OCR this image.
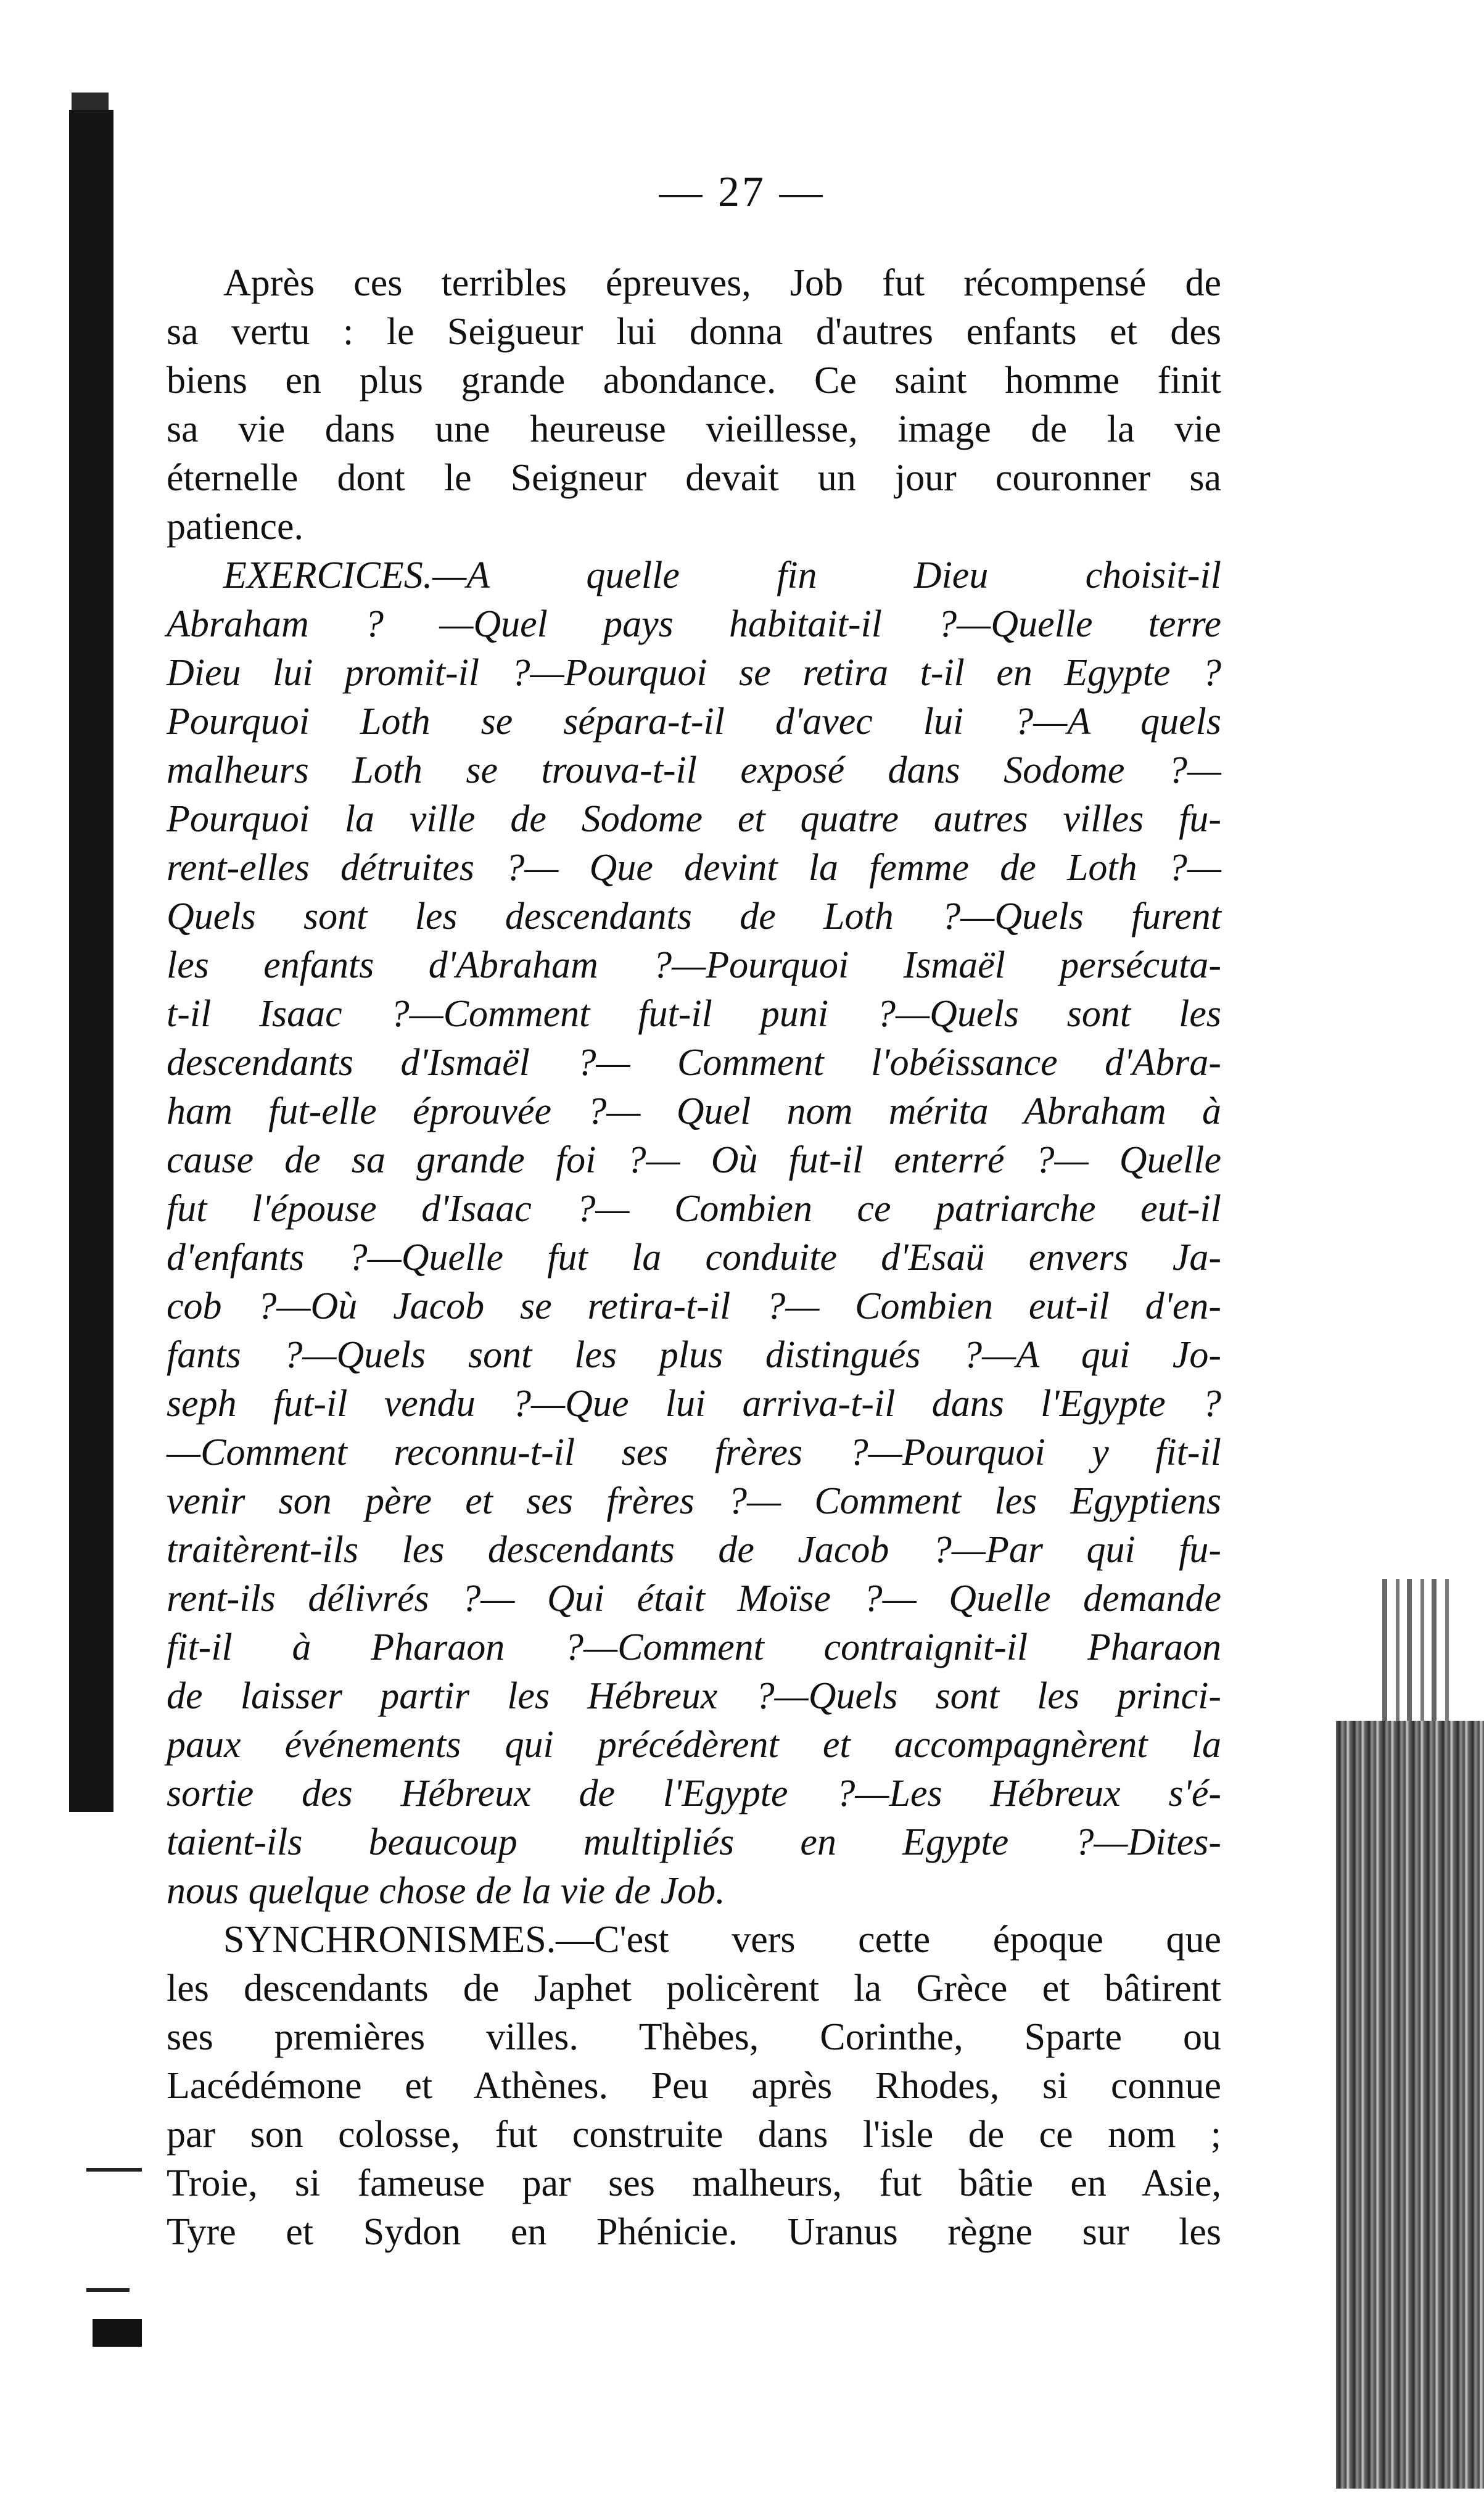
— 27 —
Après ces terribles épreuves, Job fut récompensé de
sa vertu : le Seigueur lui donna d'autres enfants et des
biens en plus grande abondance. Ce saint homme finit
sa vie dans une heureuse vieillesse, image de la vie
éternelle dont le Seigneur devait un jour couronner sa
patience.
EXERCICES.—A quelle fin Dieu choisit-il
Abraham ? —Quel pays habitait-il ?—Quelle terre
Dieu lui promit-il ?—Pourquoi se retira t-il en Egypte ?
Pourquoi Loth se sépara-t-il d'avec lui ?—A quels
malheurs Loth se trouva-t-il exposé dans Sodome ?—
Pourquoi la ville de Sodome et quatre autres villes fu-
rent-elles détruites ?— Que devint la femme de Loth ?—
Quels sont les descendants de Loth ?—Quels furent
les enfants d'Abraham ?—Pourquoi Ismaël persécuta-
t-il Isaac ?—Comment fut-il puni ?—Quels sont les
descendants d'Ismaël ?— Comment l'obéissance d'Abra-
ham fut-elle éprouvée ?— Quel nom mérita Abraham à
cause de sa grande foi ?— Où fut-il enterré ?— Quelle
fut l'épouse d'Isaac ?— Combien ce patriarche eut-il
d'enfants ?—Quelle fut la conduite d'Esaü envers Ja-
cob ?—Où Jacob se retira-t-il ?— Combien eut-il d'en-
fants ?—Quels sont les plus distingués ?—A qui Jo-
seph fut-il vendu ?—Que lui arriva-t-il dans l'Egypte ?
—Comment reconnu-t-il ses frères ?—Pourquoi y fit-il
venir son père et ses frères ?— Comment les Egyptiens
traitèrent-ils les descendants de Jacob ?—Par qui fu-
rent-ils délivrés ?— Qui était Moïse ?— Quelle demande
fit-il à Pharaon ?—Comment contraignit-il Pharaon
de laisser partir les Hébreux ?—Quels sont les princi-
paux événements qui précédèrent et accompagnèrent la
sortie des Hébreux de l'Egypte ?—Les Hébreux s'é-
taient-ils beaucoup multipliés en Egypte ?—Dites-
nous quelque chose de la vie de Job.
SYNCHRONISMES.—C'est vers cette époque que
les descendants de Japhet policèrent la Grèce et bâtirent
ses premières villes. Thèbes, Corinthe, Sparte ou
Lacédémone et Athènes. Peu après Rhodes, si connue
par son colosse, fut construite dans l'isle de ce nom ;
Troie, si fameuse par ses malheurs, fut bâtie en Asie,
Tyre et Sydon en Phénicie. Uranus règne sur les
